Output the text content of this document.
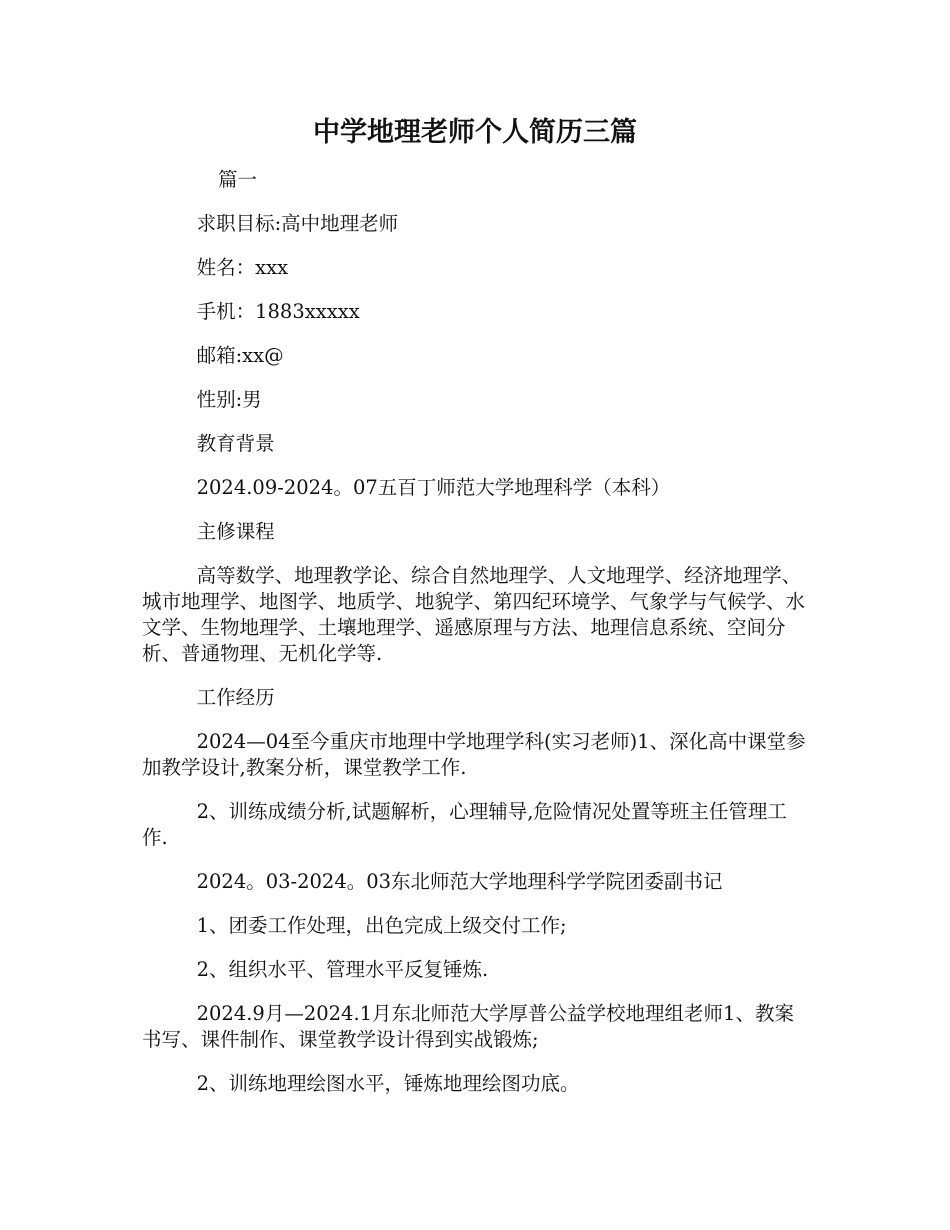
中学地理老师个人简历三篇

篇一

求职目标:高中地理老师

姓名：xxx

手机：1883xxxxx

邮箱:xx@

性别:男

教育背景

2024.09-2024。07五百丁师范大学地理科学（本科）

主修课程

高等数学、地理教学论、综合自然地理学、人文地理学、经济地理学、城市地理学、地图学、地质学、地貌学、第四纪环境学、气象学与气候学、水文学、生物地理学、土壤地理学、遥感原理与方法、地理信息系统、空间分析、普通物理、无机化学等.

工作经历

2024—04至今重庆市地理中学地理学科(实习老师)1、深化高中课堂参加教学设计,教案分析，课堂教学工作.

2、训练成绩分析,试题解析，心理辅导,危险情况处置等班主任管理工作.

2024。03-2024。03东北师范大学地理科学学院团委副书记

1、团委工作处理，出色完成上级交付工作;

2、组织水平、管理水平反复锤炼.

2024.9月—2024.1月东北师范大学厚普公益学校地理组老师1、教案书写、课件制作、课堂教学设计得到实战锻炼;

2、训练地理绘图水平，锤炼地理绘图功底。
